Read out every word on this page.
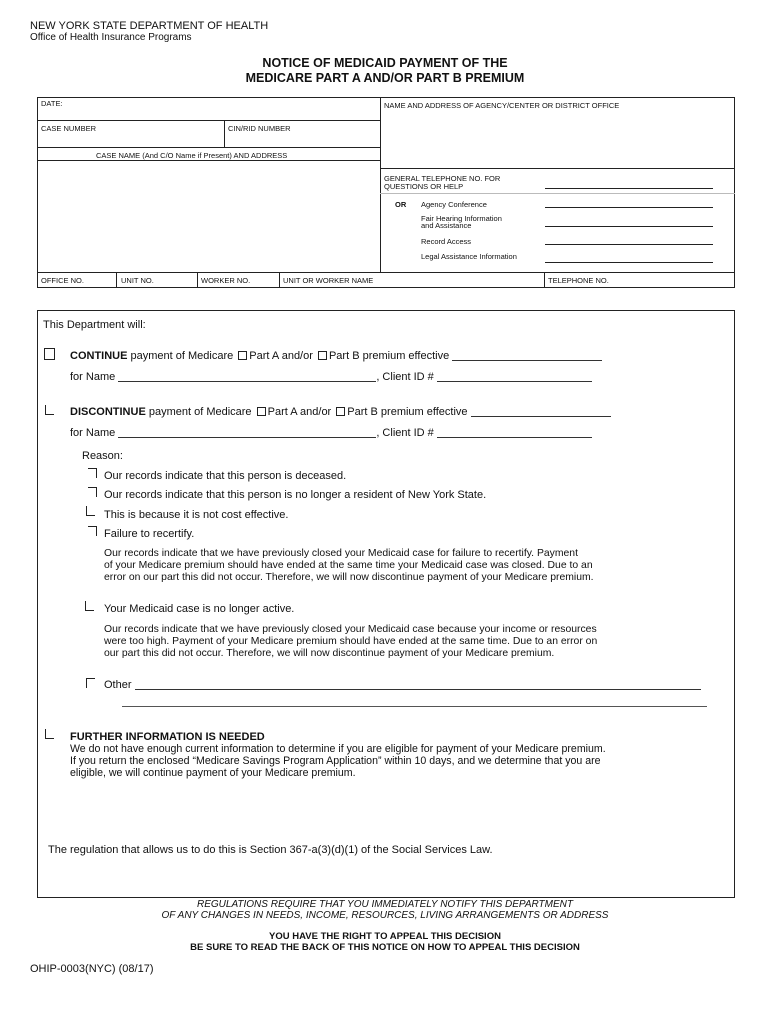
NEW YORK STATE DEPARTMENT OF HEALTH
Office of Health Insurance Programs
NOTICE OF MEDICAID PAYMENT OF THE
MEDICARE PART A AND/OR PART B PREMIUM
DATE:	NAME AND ADDRESS OF AGENCY/CENTER OR DISTRICT OFFICE
CASE NUMBER	CIN/RID NUMBER
CASE NAME (And C/O Name if Present) AND ADDRESS
GENERAL TELEPHONE NO. FOR
QUESTIONS OR HELP
OR Agency Conference
Fair Hearing Information
and Assistance
Record Access
Legal Assistance Information
OFFICE NO.	UNIT NO.	WORKER NO.	UNIT OR WORKER NAME	TELEPHONE NO.
This Department will:
CONTINUE payment of Medicare Part A and/or Part B premium effective
for Name	, Client ID #
DISCONTINUE payment of Medicare Part A and/or Part B premium effective
for Name	, Client ID #
Reason:
Our records indicate that this person is deceased.
Our records indicate that this person is no longer a resident of New York State.
This is because it is not cost effective.
Failure to recertify.
Our records indicate that we have previously closed your Medicaid case for failure to recertify. Payment
of your Medicare premium should have ended at the same time your Medicaid case was closed. Due to an
error on our part this did not occur. Therefore, we will now discontinue payment of your Medicare premium.
Your Medicaid case is no longer active.
Our records indicate that we have previously closed your Medicaid case because your income or resources
were too high. Payment of your Medicare premium should have ended at the same time. Due to an error on
our part this did not occur. Therefore, we will now discontinue payment of your Medicare premium.
Other
FURTHER INFORMATION IS NEEDED
We do not have enough current information to determine if you are eligible for payment of your Medicare premium.
If you return the enclosed “Medicare Savings Program Application” within 10 days, and we determine that you are
eligible, we will continue payment of your Medicare premium.
The regulation that allows us to do this is Section 367-a(3)(d)(1) of the Social Services Law.
REGULATIONS REQUIRE THAT YOU IMMEDIATELY NOTIFY THIS DEPARTMENT
OF ANY CHANGES IN NEEDS, INCOME, RESOURCES, LIVING ARRANGEMENTS OR ADDRESS
YOU HAVE THE RIGHT TO APPEAL THIS DECISION
BE SURE TO READ THE BACK OF THIS NOTICE ON HOW TO APPEAL THIS DECISION
OHIP-0003(NYC) (08/17)
